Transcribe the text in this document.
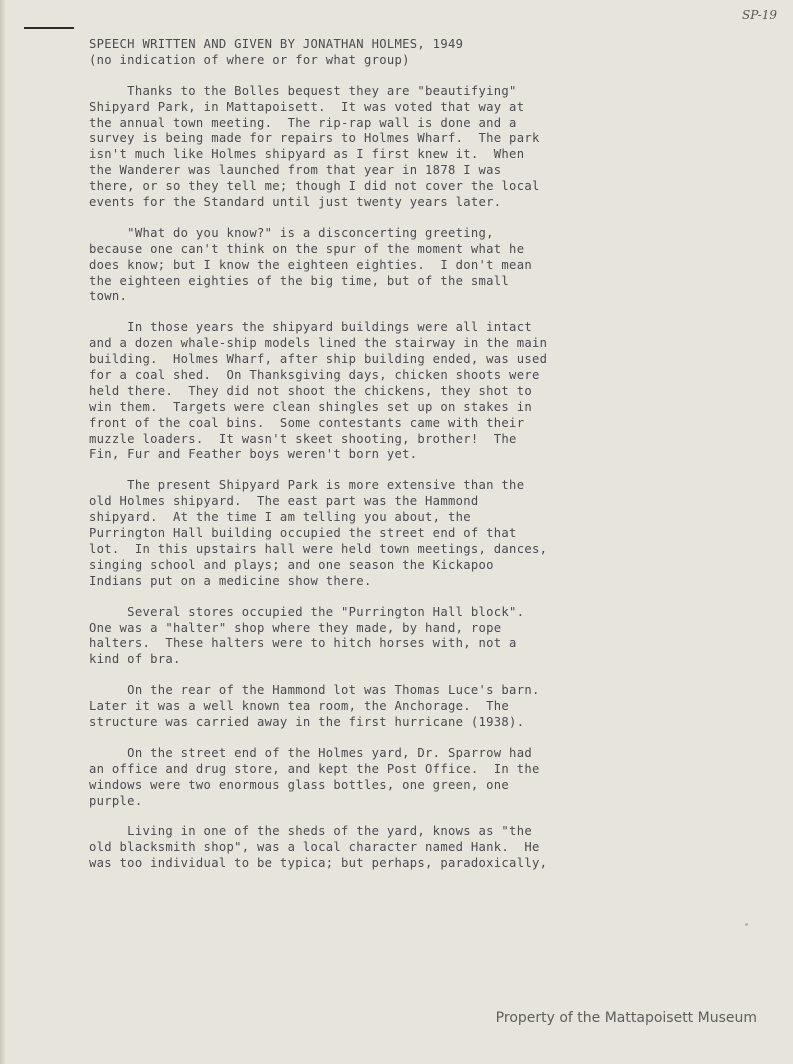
SP-19
SPEECH WRITTEN AND GIVEN BY JONATHAN HOLMES, 1949
(no indication of where or for what group)
Thanks to the Bolles bequest they are "beautifying"
Shipyard Park, in Mattapoisett.  It was voted that way at
the annual town meeting.  The rip-rap wall is done and a
survey is being made for repairs to Holmes Wharf.  The park
isn't much like Holmes shipyard as I first knew it.  When
the Wanderer was launched from that year in 1878 I was
there, or so they tell me; though I did not cover the local
events for the Standard until just twenty years later.
"What do you know?" is a disconcerting greeting,
because one can't think on the spur of the moment what he
does know; but I know the eighteen eighties.  I don't mean
the eighteen eighties of the big time, but of the small
town.
In those years the shipyard buildings were all intact
and a dozen whale-ship models lined the stairway in the main
building.  Holmes Wharf, after ship building ended, was used
for a coal shed.  On Thanksgiving days, chicken shoots were
held there.  They did not shoot the chickens, they shot to
win them.  Targets were clean shingles set up on stakes in
front of the coal bins.  Some contestants came with their
muzzle loaders.  It wasn't skeet shooting, brother!  The
Fin, Fur and Feather boys weren't born yet.
The present Shipyard Park is more extensive than the
old Holmes shipyard.  The east part was the Hammond
shipyard.  At the time I am telling you about, the
Purrington Hall building occupied the street end of that
lot.  In this upstairs hall were held town meetings, dances,
singing school and plays; and one season the Kickapoo
Indians put on a medicine show there.
Several stores occupied the "Purrington Hall block".
One was a "halter" shop where they made, by hand, rope
halters.  These halters were to hitch horses with, not a
kind of bra.
On the rear of the Hammond lot was Thomas Luce's barn.
Later it was a well known tea room, the Anchorage.  The
structure was carried away in the first hurricane (1938).
On the street end of the Holmes yard, Dr. Sparrow had
an office and drug store, and kept the Post Office.  In the
windows were two enormous glass bottles, one green, one
purple.
Living in one of the sheds of the yard, knows as "the
old blacksmith shop", was a local character named Hank.  He
was too individual to be typica; but perhaps, paradoxically,
Property of the Mattapoisett Museum
